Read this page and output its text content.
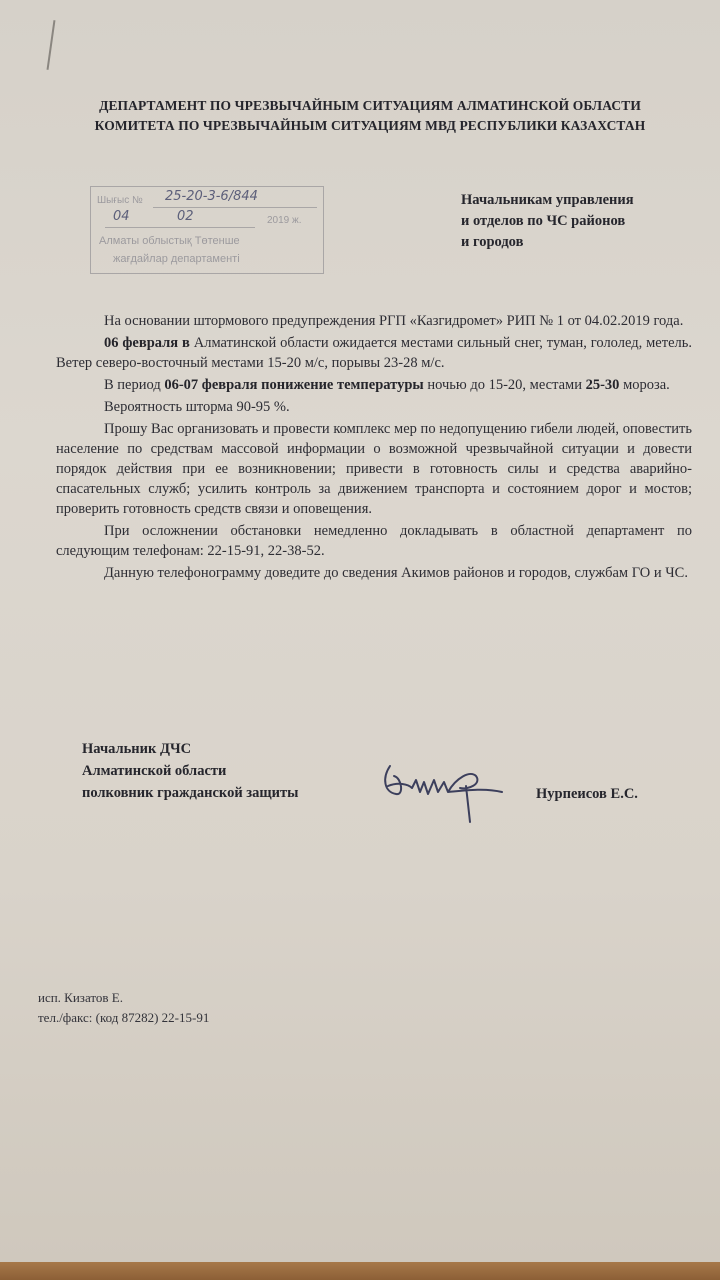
ДЕПАРТАМЕНТ ПО ЧРЕЗВЫЧАЙНЫМ СИТУАЦИЯМ АЛМАТИНСКОЙ ОБЛАСТИ
КОМИТЕТА ПО ЧРЕЗВЫЧАЙНЫМ СИТУАЦИЯМ МВД РЕСПУБЛИКИ КАЗАХСТАН
Шығыс № 25-20-3-6/844
04	02	2019 ж.
Алматы облыстық Төтенше
жағдайлар департаменті
Начальникам управления
и отделов по ЧС районов
и городов

На основании штормового предупреждения РГП «Казгидромет» РИП № 1 от 04.02.2019 года.

06 февраля в Алматинской области ожидается местами сильный снег, туман, гололед, метель. Ветер северо-восточный местами 15-20 м/с, порывы 23-28 м/с.

В период 06-07 февраля понижение температуры ночью до 15-20, местами 25-30 мороза.

Вероятность шторма 90-95 %.

Прошу Вас организовать и провести комплекс мер по недопущению гибели людей, оповестить население по средствам массовой информации о возможной чрезвычайной ситуации и довести порядок действия при ее возникновении; привести в готовность силы и средства аварийно-спасательных служб; усилить контроль за движением транспорта и состоянием дорог и мостов; проверить готовность средств связи и оповещения.

При осложнении обстановки немедленно докладывать в областной департамент по следующим телефонам: 22-15-91, 22-38-52.

Данную телефонограмму доведите до сведения Акимов районов и городов, службам ГО и ЧС.

Начальник ДЧС
Алматинской области
полковник гражданской защиты	Нурпеисов Е.С.
исп. Кизатов Е.
тел./факс: (код 87282) 22-15-91
